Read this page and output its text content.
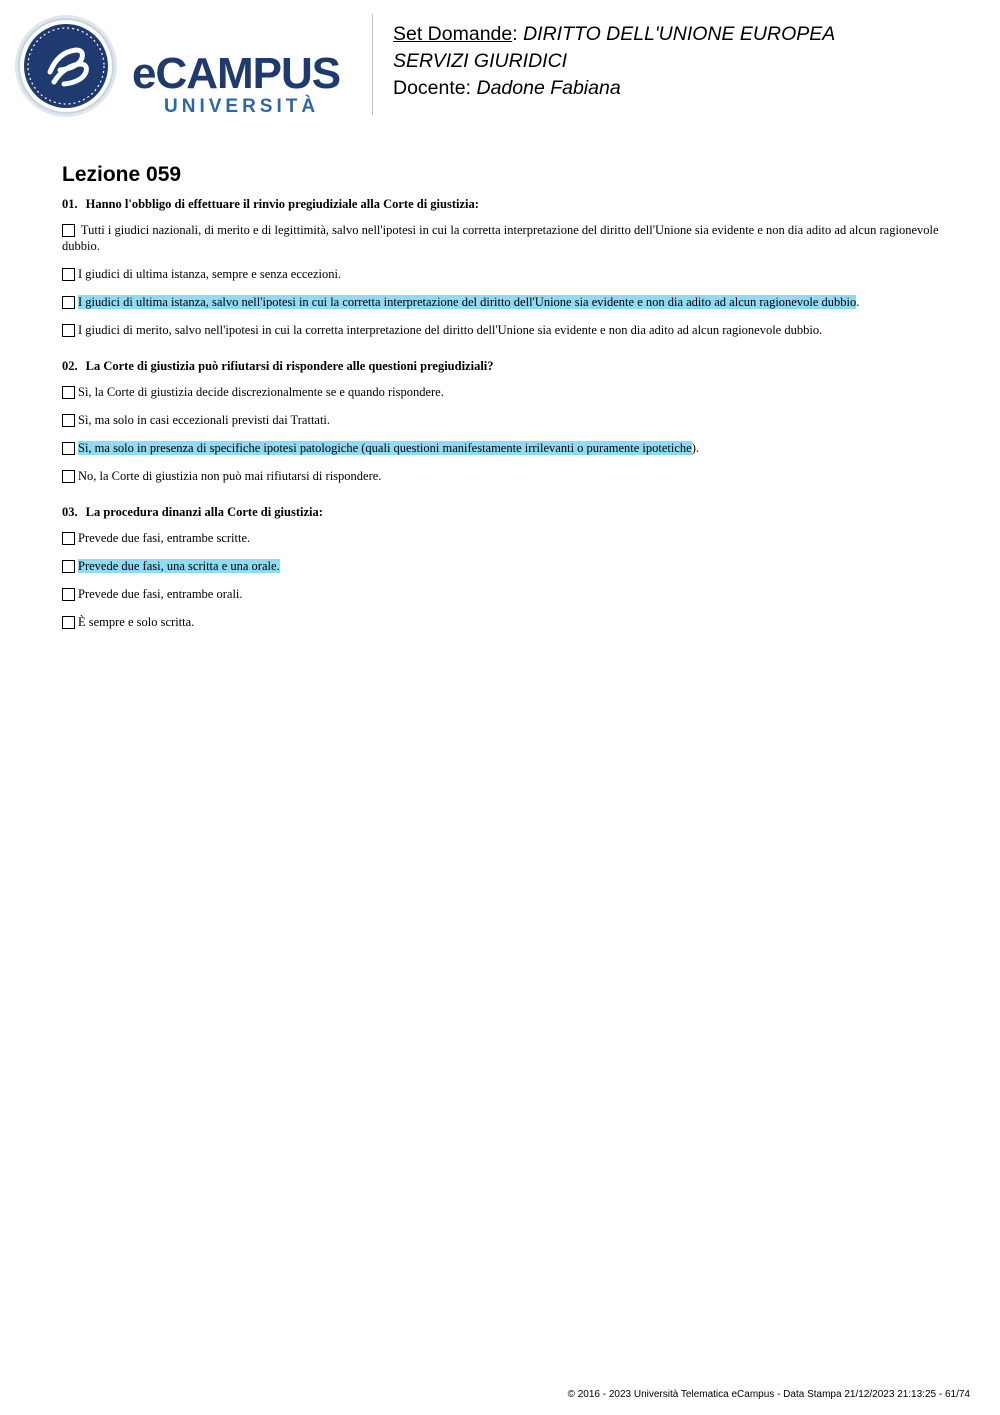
eCAMPUS
UNIVERSITÀ
Set Domande: DIRITTO DELL'UNIONE EUROPEA
SERVIZI GIURIDICI
Docente: Dadone Fabiana
Lezione 059
01. Hanno l'obbligo di effettuare il rinvio pregiudiziale alla Corte di giustizia:
Tutti i giudici nazionali, di merito e di legittimità, salvo nell'ipotesi in cui la corretta interpretazione del diritto dell'Unione sia evidente e non dia adito ad alcun ragionevole dubbio.
I giudici di ultima istanza, sempre e senza eccezioni.
I giudici di ultima istanza, salvo nell'ipotesi in cui la corretta interpretazione del diritto dell'Unione sia evidente e non dia adito ad alcun ragionevole dubbio.
I giudici di merito, salvo nell'ipotesi in cui la corretta interpretazione del diritto dell'Unione sia evidente e non dia adito ad alcun ragionevole dubbio.
02. La Corte di giustizia può rifiutarsi di rispondere alle questioni pregiudiziali?
Sì, la Corte di giustizia decide discrezionalmente se e quando rispondere.
Sì, ma solo in casi eccezionali previsti dai Trattati.
Sì, ma solo in presenza di specifiche ipotesi patologiche (quali questioni manifestamente irrilevanti o puramente ipotetiche).
No, la Corte di giustizia non può mai rifiutarsi di rispondere.
03. La procedura dinanzi alla Corte di giustizia:
Prevede due fasi, entrambe scritte.
Prevede due fasi, una scritta e una orale.
Prevede due fasi, entrambe orali.
È sempre e solo scritta.
© 2016 - 2023 Università Telematica eCampus - Data Stampa 21/12/2023 21:13:25 - 61/74
